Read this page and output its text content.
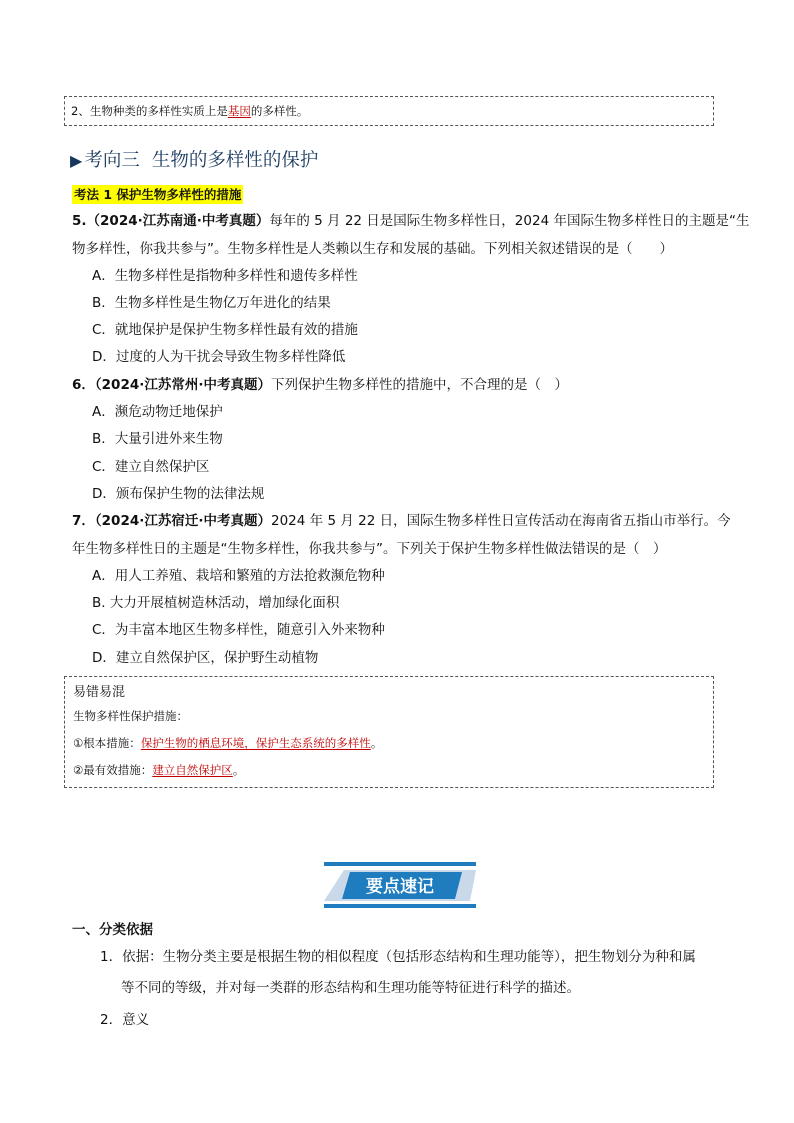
2、生物种类的多样性实质上是基因的多样性。
▶ 考向三 生物的多样性的保护
考法 1 保护生物多样性的措施
5.（2024·江苏南通·中考真题）每年的 5 月 22 日是国际生物多样性日，2024 年国际生物多样性日的主题是“生
物多样性，你我共参与”。生物多样性是人类赖以生存和发展的基础。下列相关叙述错误的是（　　）
A．生物多样性是指物种多样性和遗传多样性
B．生物多样性是生物亿万年进化的结果
C．就地保护是保护生物多样性最有效的措施
D．过度的人为干扰会导致生物多样性降低
6．（2024·江苏常州·中考真题）下列保护生物多样性的措施中，不合理的是（　）
A．濒危动物迁地保护
B．大量引进外来生物
C．建立自然保护区
D．颁布保护生物的法律法规
7．（2024·江苏宿迁·中考真题）2024 年 5 月 22 日，国际生物多样性日宣传活动在海南省五指山市举行。今
年生物多样性日的主题是“生物多样性，你我共参与”。下列关于保护生物多样性做法错误的是（　）
A．用人工养殖、栽培和繁殖的方法抢救濒危物种
B. 大力开展植树造林活动，增加绿化面积
C．为丰富本地区生物多样性，随意引入外来物种
D．建立自然保护区，保护野生动植物
易错易混
生物多样性保护措施：
①根本措施：保护生物的栖息环境，保护生态系统的多样性。
②最有效措施：建立自然保护区。
要点速记
一、分类依据
1．依据：生物分类主要是根据生物的相似程度（包括形态结构和生理功能等），把生物划分为种和属
等不同的等级，并对每一类群的形态结构和生理功能等特征进行科学的描述。
2．意义
